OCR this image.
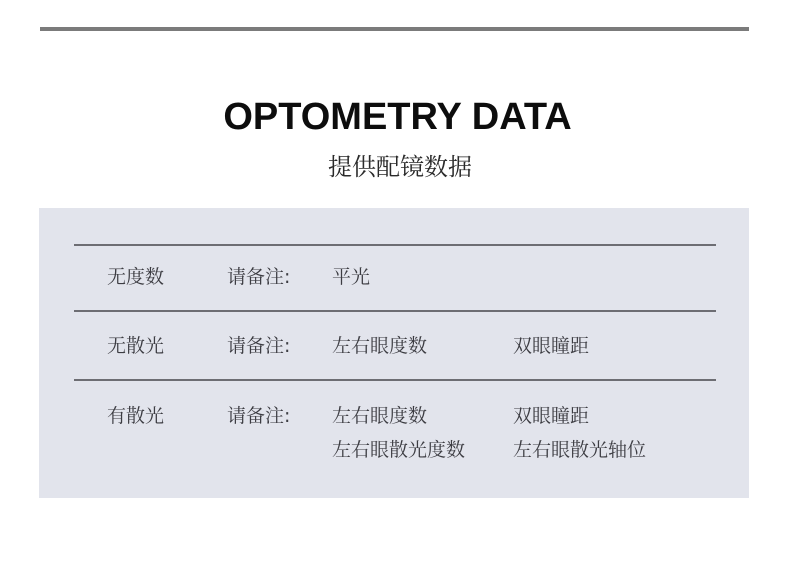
OPTOMETRY DATA
提供配镜数据
无度数	请备注: 平光
无散光	请备注: 左右眼度数	双眼瞳距
有散光	请备注: 左右眼度数	双眼瞳距
左右眼散光度数	左右眼散光轴位
